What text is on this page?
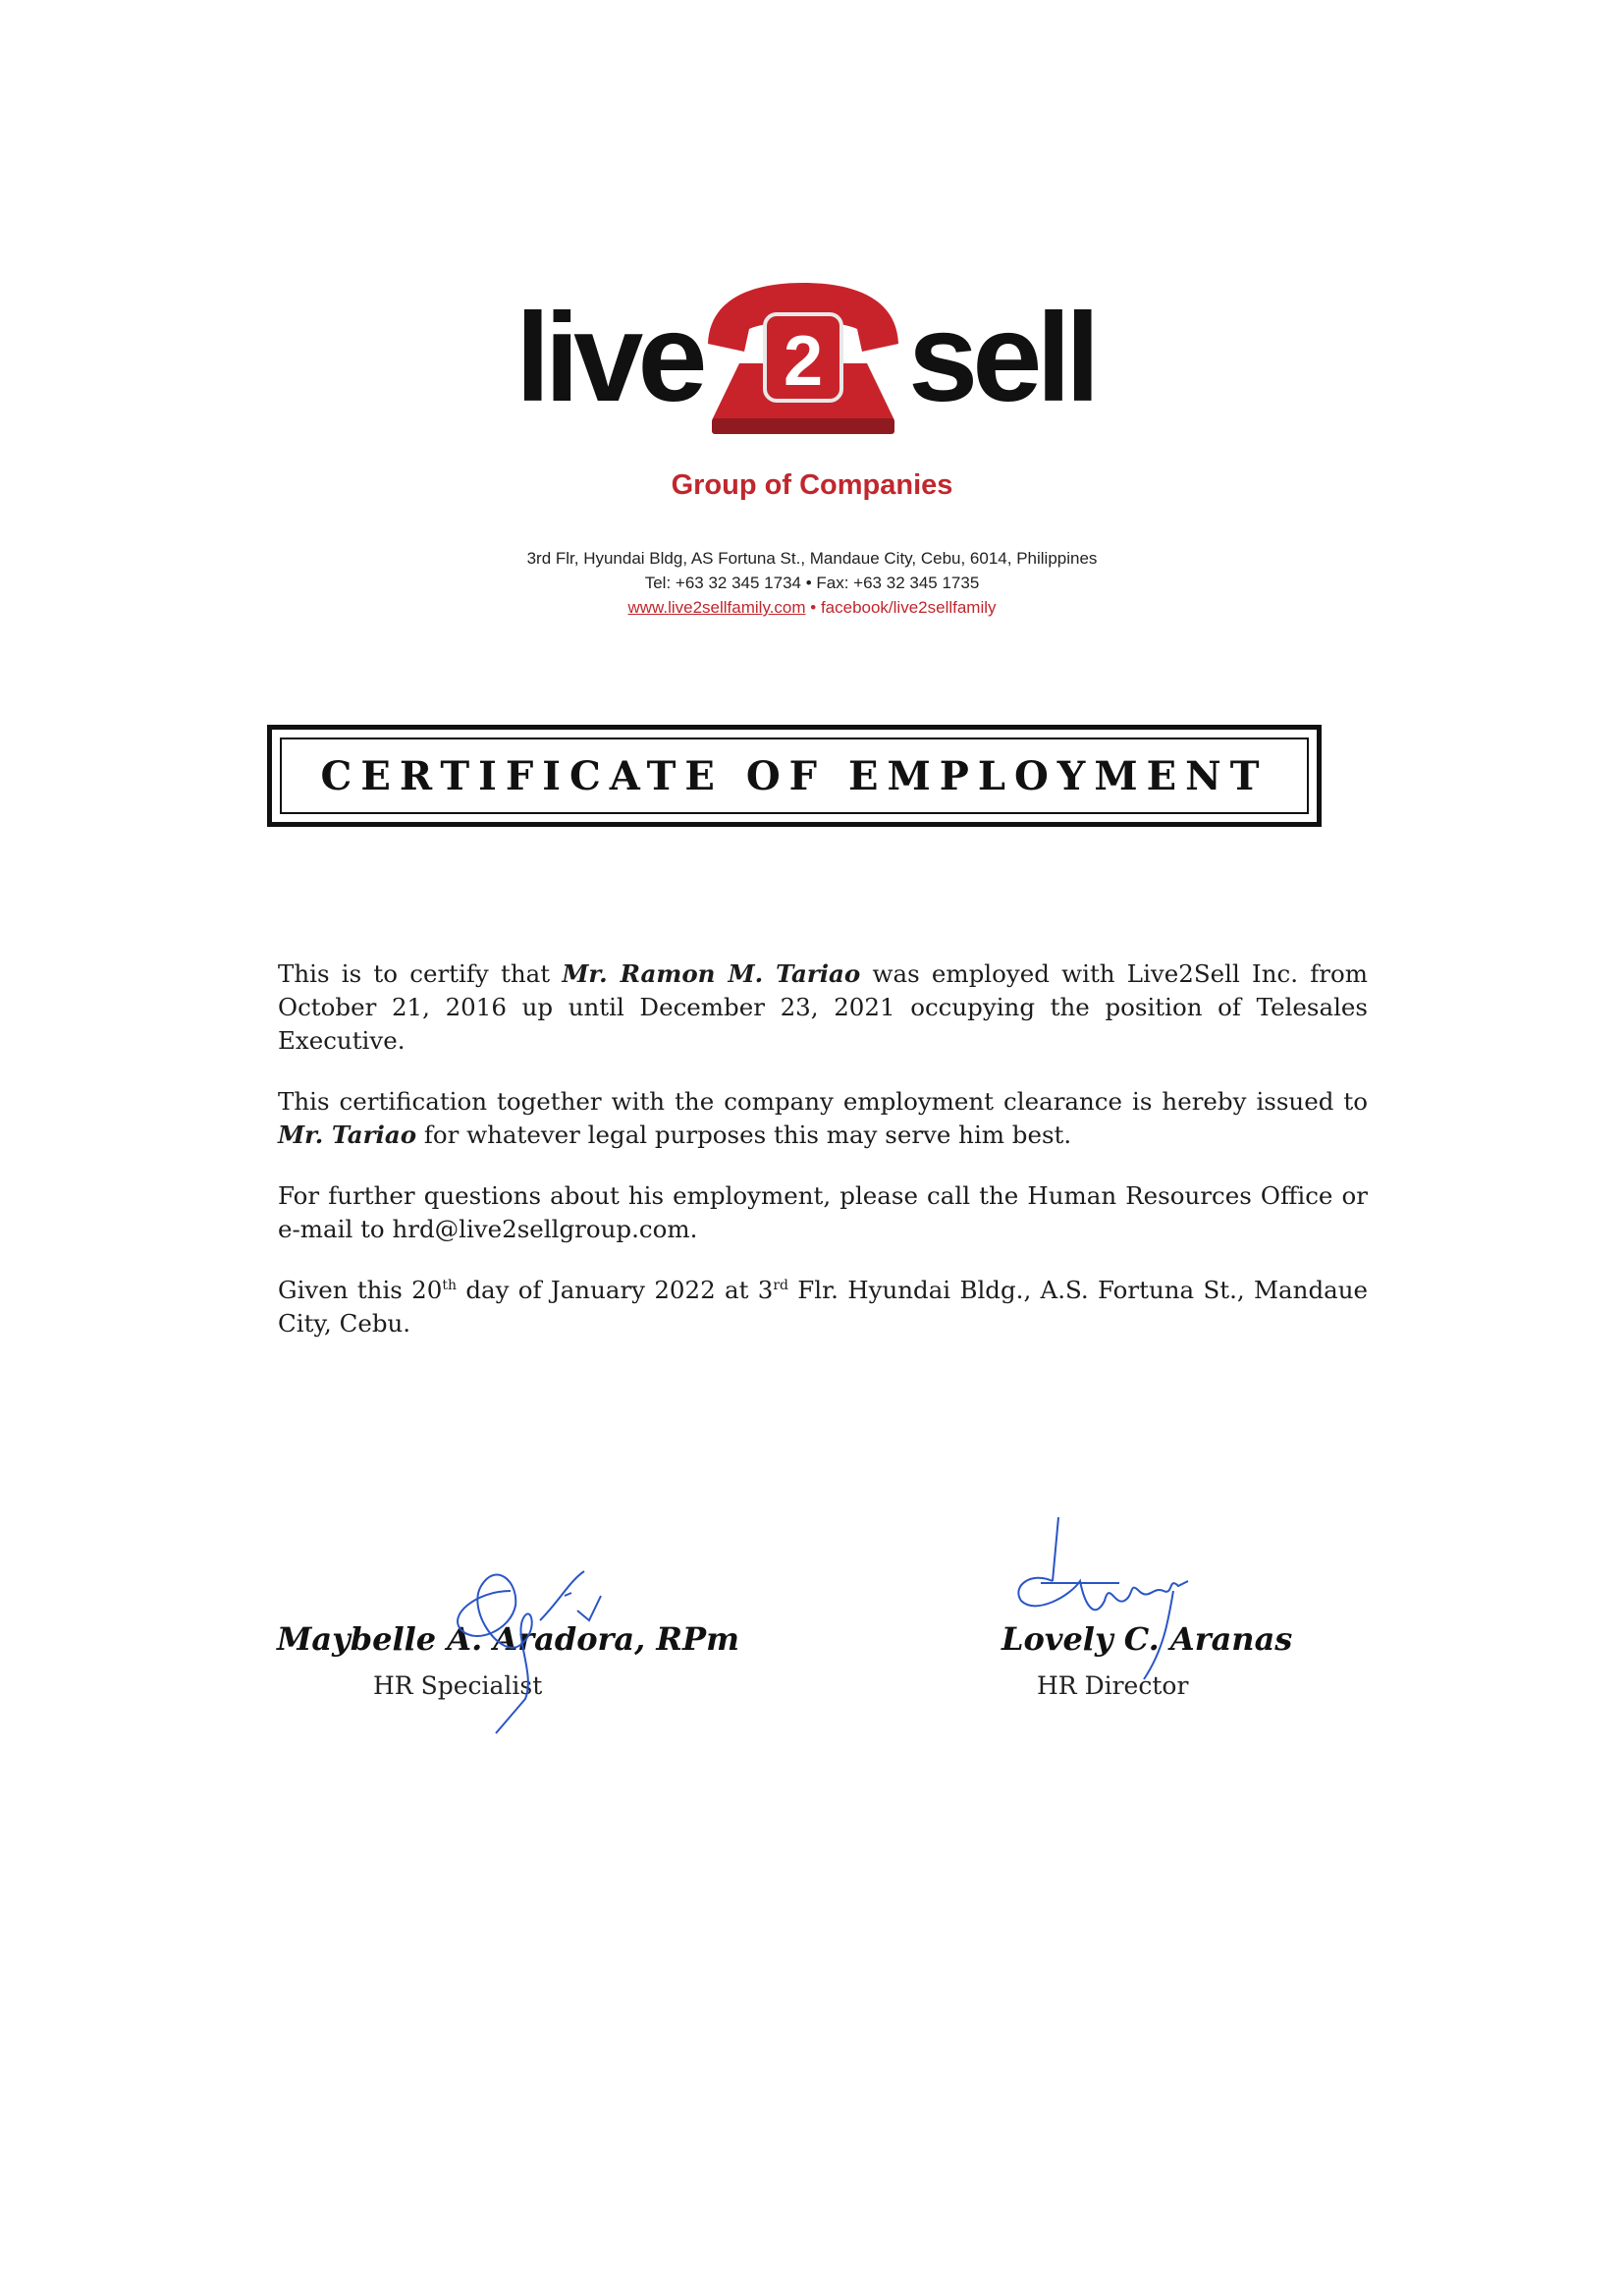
live 2 sell
Group of Companies
3rd Flr, Hyundai Bldg, AS Fortuna St., Mandaue City, Cebu, 6014, Philippines
Tel: +63 32 345 1734 • Fax: +63 32 345 1735
www.live2sellfamily.com • facebook/live2sellfamily
CERTIFICATE OF EMPLOYMENT

This is to certify that Mr. Ramon M. Tariao was employed with Live2Sell Inc. from October 21, 2016 up until December 23, 2021 occupying the position of Telesales Executive.

This certification together with the company employment clearance is hereby issued to Mr. Tariao for whatever legal purposes this may serve him best.

For further questions about his employment, please call the Human Resources Office or e-mail to hrd@live2sellgroup.com.

Given this 20th day of January 2022 at 3rd Flr. Hyundai Bldg., A.S. Fortuna St., Mandaue City, Cebu.

Maybelle A. Aradora, RPm
HR Specialist
Lovely C. Aranas
HR Director
